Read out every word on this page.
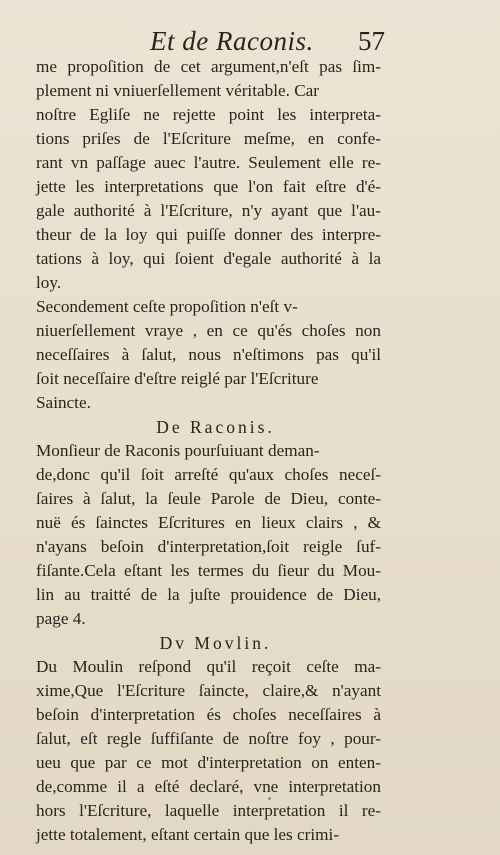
Et de Raconis. 57
me propoſition de cet argument,n'eſt pas ſim-
plement ni vniuerſellement véritable. Car
noſtre Egliſe ne rejette point les interpreta-
tions priſes de l'Eſcriture meſme, en confe-
rant vn paſſage auec l'autre. Seulement elle re-
jette les interpretations que l'on fait eſtre d'é-
gale authorité à l'Eſcriture, n'y ayant que l'au-
theur de la loy qui puiſſe donner des interpre-
tations à loy, qui ſoient d'egale authorité à la
loy.
Secondement ceſte propoſition n'eſt v-
niuerſellement vraye , en ce qu'és choſes non
neceſſaires à ſalut, nous n'eſtimons pas qu'il
ſoit neceſſaire d'eſtre reiglé par l'Eſcriture
Saincte.
De Raconis.
Monſieur de Raconis pourſuiuant deman-
de,donc qu'il ſoit arreſté qu'aux choſes neceſ-
ſaires à ſalut, la ſeule Parole de Dieu, conte-
nuë és ſainctes Eſcritures en lieux clairs , &
n'ayans beſoin d'interpretation,ſoit reigle ſuf-
fiſante.Cela eſtant les termes du ſieur du Mou-
lin au traitté de la juſte prouidence de Dieu,
page 4.
Dv Movlin.
Du Moulin reſpond qu'il reçoit ceſte ma-
xime,Que l'Eſcriture ſaincte, claire,& n'ayant
beſoin d'interpretation és choſes neceſſaires à
ſalut, eſt regle ſuffiſante de noſtre foy , pour-
ueu que par ce mot d'interpretation on enten-
de,comme il a eſté declaré, vne interpretation
hors l'Eſcriture, laquelle interpretation il re-
jette totalement, eſtant certain que les crimi-
